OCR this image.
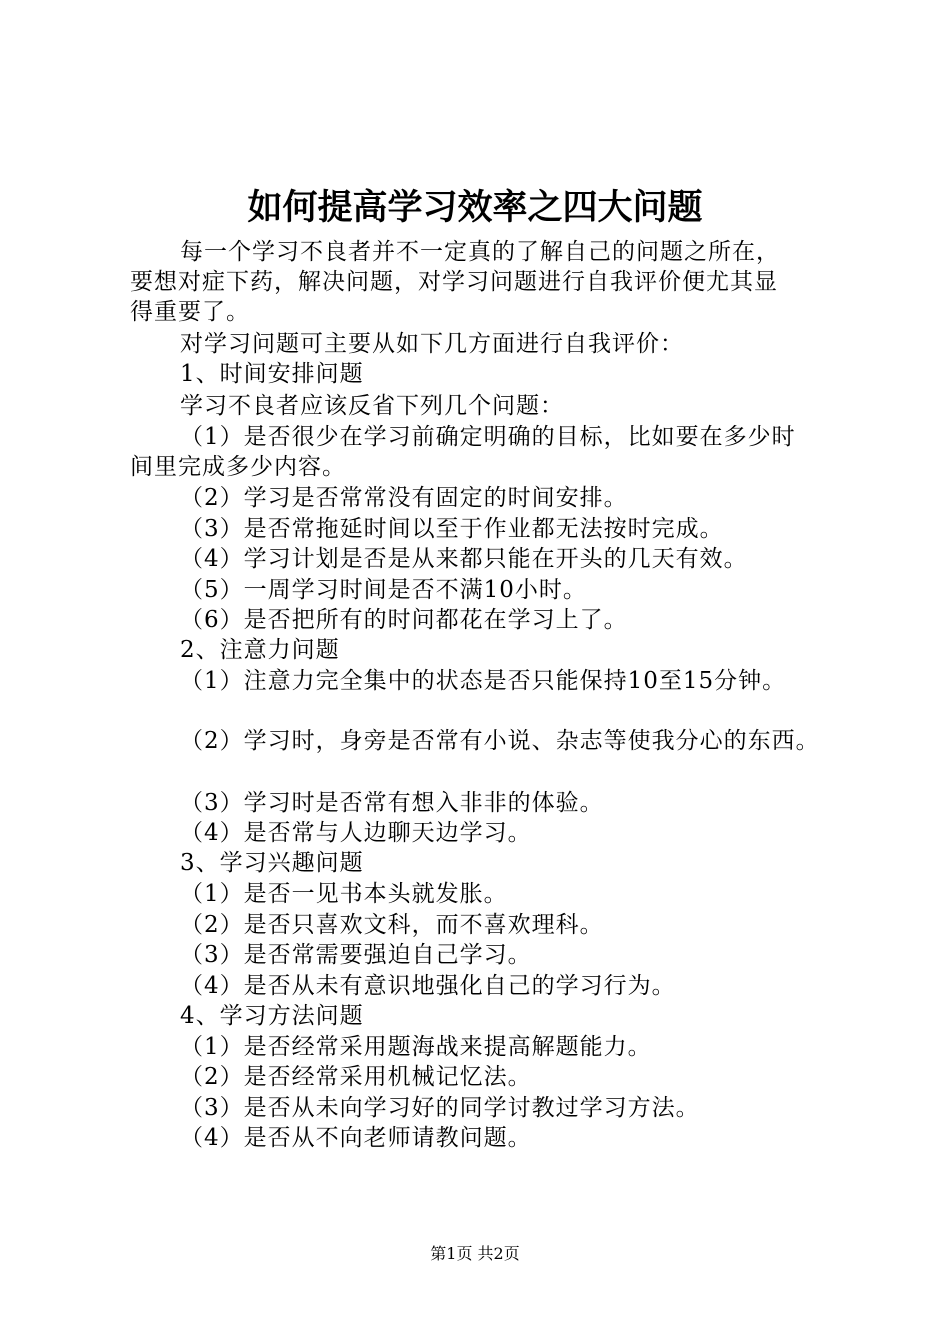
如何提高学习效率之四大问题
每一个学习不良者并不一定真的了解自己的问题之所在，
要想对症下药，解决问题，对学习问题进行自我评价便尤其显
得重要了。
对学习问题可主要从如下几方面进行自我评价：
1、时间安排问题
学习不良者应该反省下列几个问题：
（1）是否很少在学习前确定明确的目标，比如要在多少时
间里完成多少内容。
（2）学习是否常常没有固定的时间安排。
（3）是否常拖延时间以至于作业都无法按时完成。
（4）学习计划是否是从来都只能在开头的几天有效。
（5）一周学习时间是否不满10小时。
（6）是否把所有的时问都花在学习上了。
2、注意力问题
（1）注意力完全集中的状态是否只能保持10至15分钟。
（2）学习时，身旁是否常有小说、杂志等使我分心的东西。
（3）学习时是否常有想入非非的体验。
（4）是否常与人边聊天边学习。
3、学习兴趣问题
（1）是否一见书本头就发胀。
（2）是否只喜欢文科，而不喜欢理科。
（3）是否常需要强迫自己学习。
（4）是否从未有意识地强化自己的学习行为。
4、学习方法问题
（1）是否经常采用题海战来提高解题能力。
（2）是否经常采用机械记忆法。
（3）是否从未向学习好的同学讨教过学习方法。
（4）是否从不向老师请教问题。
第1页 共2页
